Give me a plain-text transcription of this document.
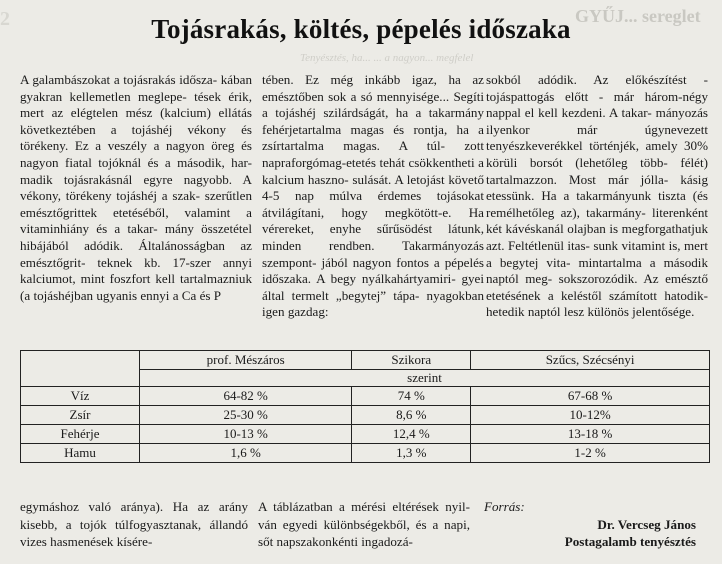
2	GYŰJ... sereglet
Tenyésztés, ha... ... a nagyon... megfelel
Tojásrakás, költés, pépelés időszaka

A galambászokat a tojásrakás idősza- kában gyakran kellemetlen meglepe- tések érik, mert az elégtelen mész (kalcium) ellátás következtében a tojáshéj vékony és törékeny. Ez a veszély a nagyon öreg és nagyon fiatal tojóknál és a második, har- madik tojásrakásnál egyre nagyobb. A vékony, törékeny tojáshéj a szak- szerűtlen emésztőgrittek etetéséből, valamint a vitaminhiány és a takar- mány összetétel hibájából adódik. Általánosságban az emésztőgrit- teknek kb. 17-szer annyi kalciumot, mint foszfort kell tartalmazniuk (a tojáshéjban ugyanis ennyi a Ca és P

tében. Ez még inkább igaz, ha az emésztőben sok a só mennyisége... Segíti a tojáshéj szilárdságát, ha a takarmány fehérjetartalma magas és rontja, ha a zsírtartalma magas. A túl- zott napraforgómag-etetés tehát csökkentheti a kalcium haszno- sulását. A letojást követő 4-5 nap múlva érdemes tojásokat átvilágítani, hogy megkötött-e. Ha vérereket, enyhe sűrűsödést látunk, minden rendben. Takarmányozás szempont- jából nagyon fontos a pépelés időszaka. A begy nyálkahártyamiri- gyei által termelt „begytej” tápa- nyagokban igen gazdag:

sokból adódik. Az előkészítést - tojáspattogás előtt - már három-négy nappal el kell kezdeni. A takar- mányozás ilyenkor már úgynevezett tenyészkeverékkel történjék, amely 30% körüli borsót (lehetőleg több- félét) tartalmazzon. Most már jólla- kásig etessünk. Ha a takarmányunk tiszta (és remélhetőleg az), takarmány- literenként két kávéskanál olajban is megforgathatjuk azt. Feltétlenül itas- sunk vitamint is, mert a begytej vita- mintartalma a második naptól meg- sokszorozódik. Az emésztő etetésének a keléstől számított hatodik-hetedik naptól lesz különös jelentősége.

	prof. Mészáros	Szikora	Szűcs, Szécsényi
	szerint		
Víz	64-82 %	74 %	67-68 %
Zsír	25-30 %	8,6 %	10-12%
Fehérje	10-13 %	12,4 %	13-18 %
Hamu	1,6 %	1,3 %	1-2 %

egymáshoz való aránya). Ha az arány kisebb, a tojók túlfogyasztanak, állandó vizes hasmenések kísére-

A táblázatban a mérési eltérések nyil- ván egyedi különbségekből, és a napi, sőt napszakonkénti ingadozá-

Forrás:
Dr. Vercseg János
Postagalamb tenyésztés
